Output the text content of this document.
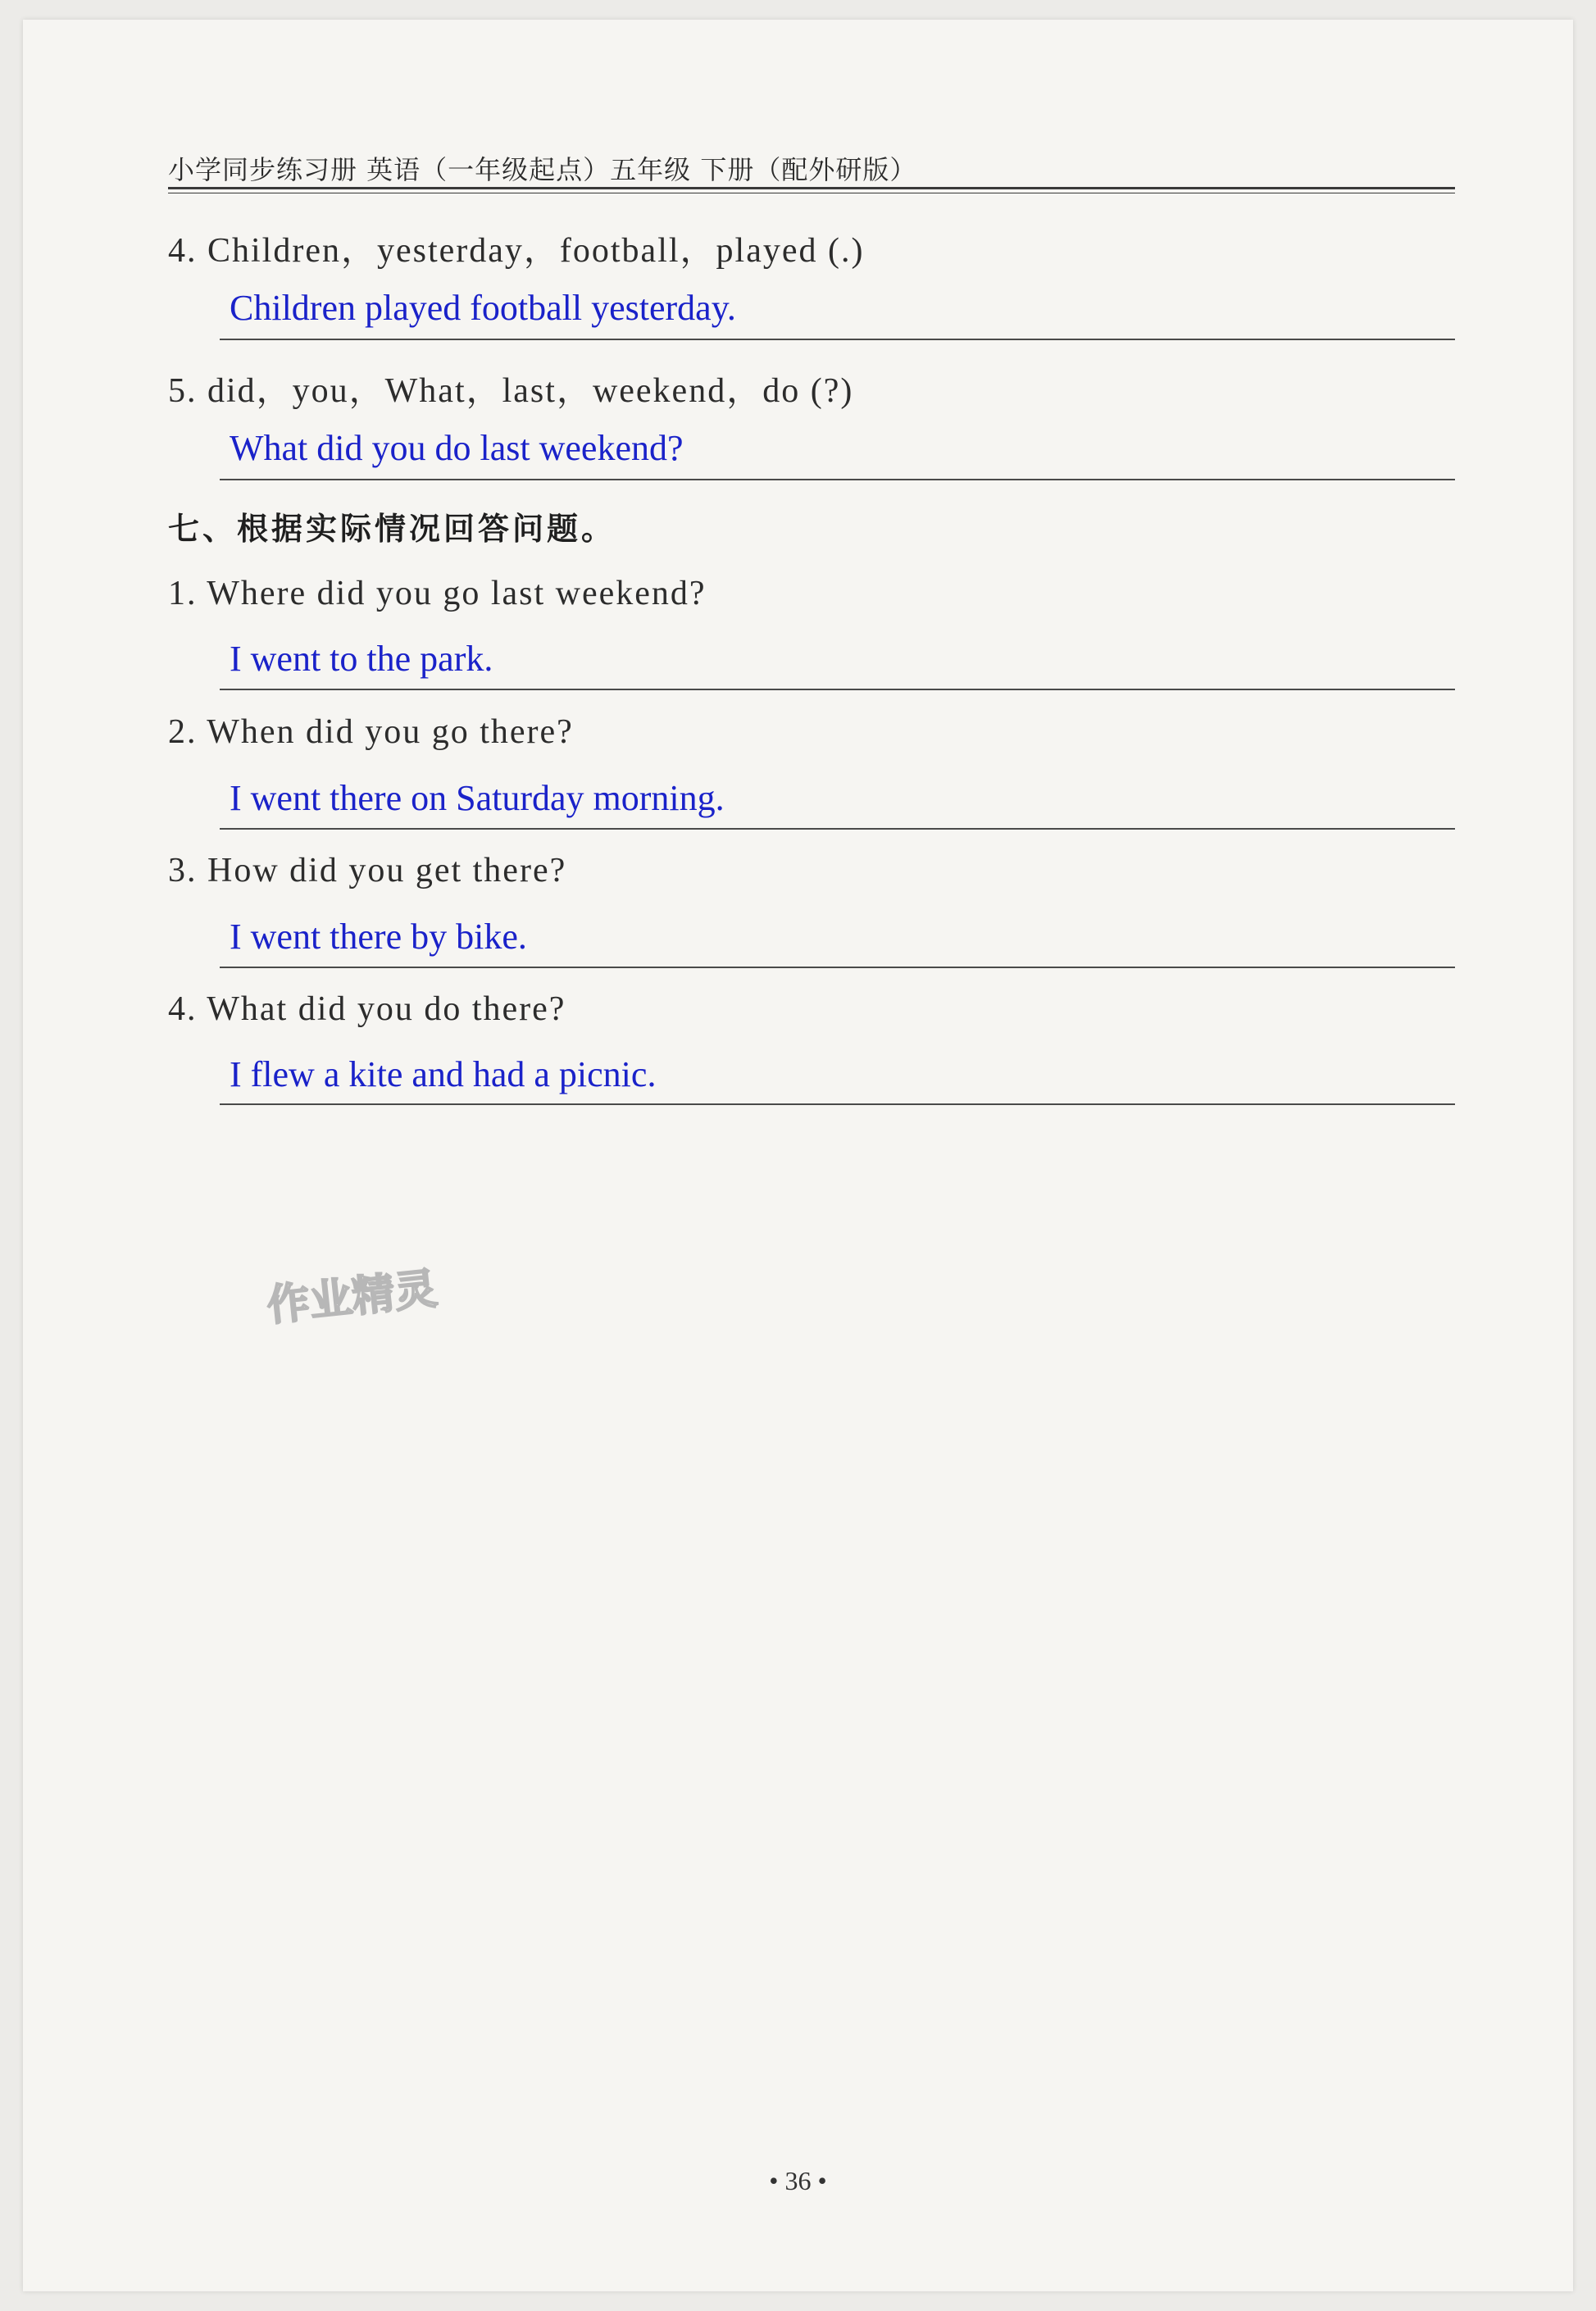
小学同步练习册 英语（一年级起点）五年级 下册（配外研版）
4. Children，yesterday，football，played (.)
Children played football yesterday.
5. did，you，What，last，weekend，do (?)
What did you do last weekend?
七、根据实际情况回答问题。
1. Where did you go last weekend?
I went to the park.
2. When did you go there?
I went there on Saturday morning.
3. How did you get there?
I went there by bike.
4. What did you do there?
I flew a kite and had a picnic.
作业精灵
• 36 •
